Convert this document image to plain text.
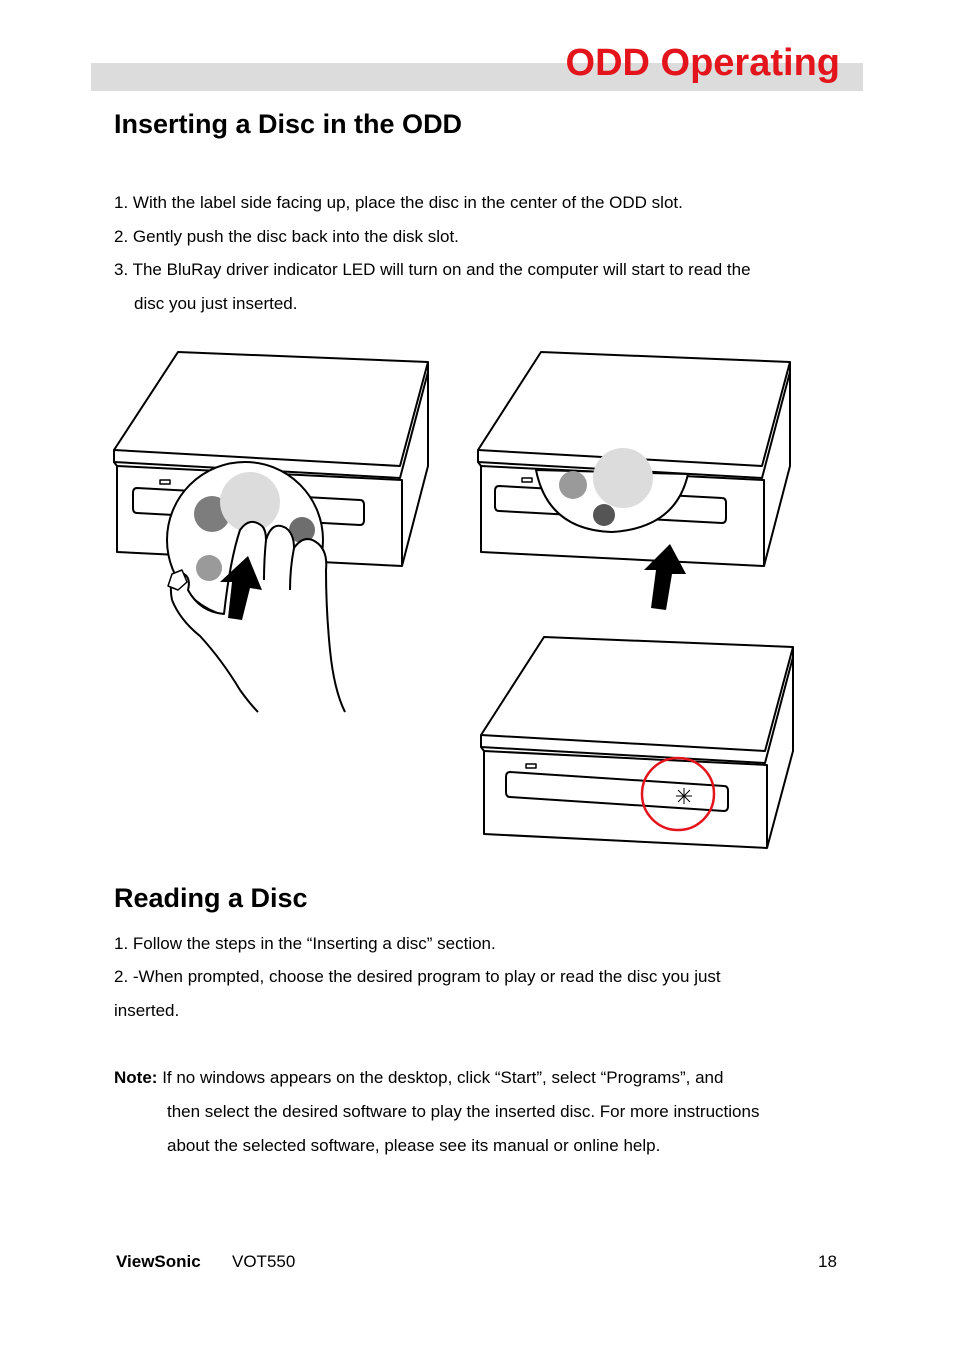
ODD Operating
Inserting a Disc in the ODD

1. With the label side facing up, place the disc in the center of the ODD slot.

2. Gently push the disc back into the disk slot.

3. The BluRay driver indicator LED will turn on and the computer will start to read the

disc you just inserted.

Reading a Disc

1. Follow the steps in the “Inserting a disc” section.

2. -When prompted, choose the desired program to play or read the disc you just

inserted.

Note: If no windows appears on the desktop, click “Start”, select “Programs”, and

then select the desired software to play the inserted disc. For more instructions

about the selected software, please see its manual or online help.

ViewSonic VOT550	18
